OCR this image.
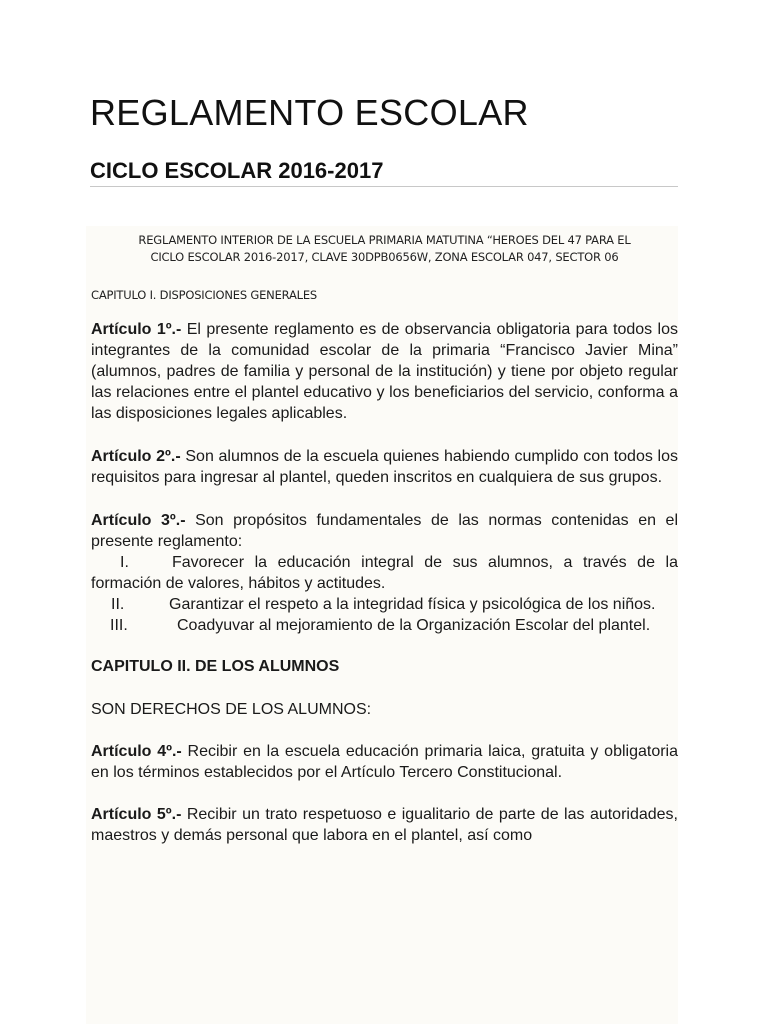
REGLAMENTO ESCOLAR
CICLO ESCOLAR 2016-2017
REGLAMENTO INTERIOR DE LA ESCUELA PRIMARIA MATUTINA “HEROES DEL 47 PARA EL
CICLO ESCOLAR 2016-2017, CLAVE 30DPB0656W, ZONA ESCOLAR 047, SECTOR 06

CAPITULO I. DISPOSICIONES GENERALES

Artículo 1º.- El presente reglamento es de observancia obligatoria para todos los integrantes de la comunidad escolar de la primaria “Francisco Javier Mina” (alumnos, padres de familia y personal de la institución) y tiene por objeto regular las relaciones entre el plantel educativo y los beneficiarios del servicio, conforma a las disposiciones legales aplicables.

Artículo 2º.- Son alumnos de la escuela quienes habiendo cumplido con todos los requisitos para ingresar al plantel, queden inscritos en cualquiera de sus grupos.

Artículo 3º.- Son propósitos fundamentales de las normas contenidas en el presente reglamento:

I.	Favorecer la educación integral de sus alumnos, a través de la formación de valores, hábitos y actitudes.

II.	Garantizar el respeto a la integridad física y psicológica de los niños.

III.	Coadyuvar al mejoramiento de la Organización Escolar del plantel.

CAPITULO II. DE LOS ALUMNOS

SON DERECHOS DE LOS ALUMNOS:

Artículo 4º.- Recibir en la escuela educación primaria laica, gratuita y obligatoria en los términos establecidos por el Artículo Tercero Constitucional.

Artículo 5º.- Recibir un trato respetuoso e igualitario de parte de las autoridades, maestros y demás personal que labora en el plantel, así como
